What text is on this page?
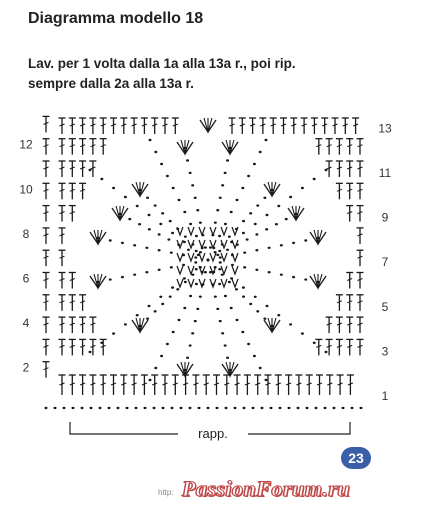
Diagramma modello 18
Lav. per 1 volta dalla 1a alla 13a r., poi rip.
sempre dalla 2a alla 13a r.
12
10
8
6
4
2
13
11
9
7
5
3
1
rapp.
23
http: PassionForum.ru
